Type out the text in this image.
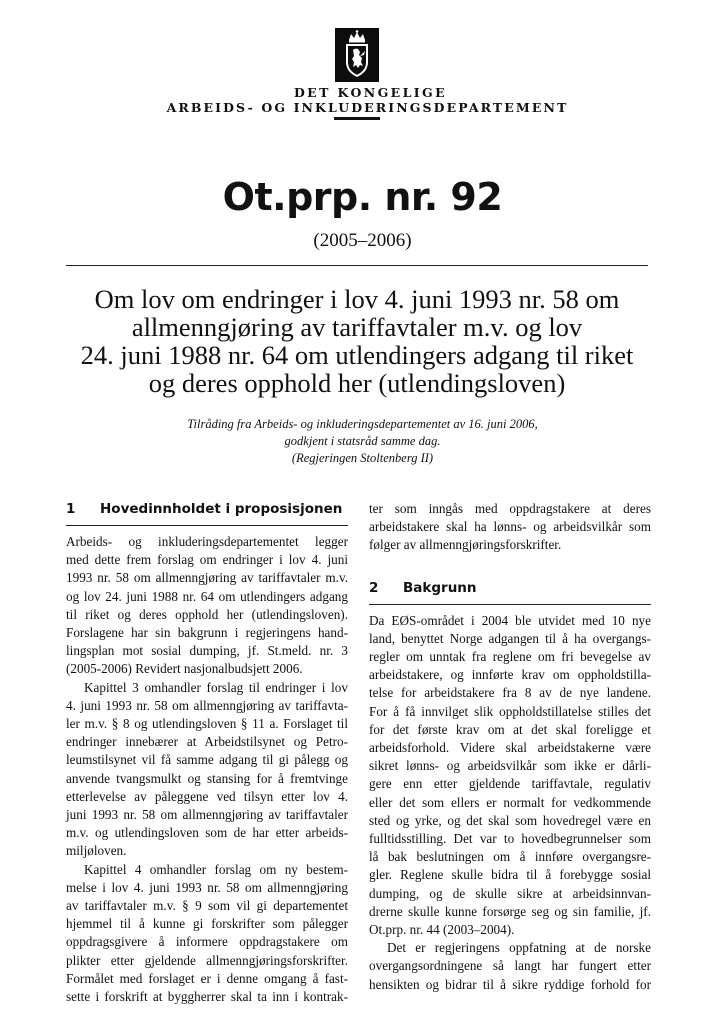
DET KONGELIGE
ARBEIDS- OG INKLUDERINGSDEPARTEMENT
Ot.prp. nr. 92
(2005–2006)
Om lov om endringer i lov 4. juni 1993 nr. 58 om
allmenngjøring av tariffavtaler m.v. og lov
24. juni 1988 nr. 64 om utlendingers adgang til riket
og deres opphold her (utlendingsloven)
Tilråding fra Arbeids- og inkluderingsdepartementet av 16. juni 2006,
godkjent i statsråd samme dag.
(Regjeringen Stoltenberg II)
1 Hovedinnholdet i proposisjonen
Arbeids- og inkluderingsdepartementet legger
med dette frem forslag om endringer i lov 4. juni
1993 nr. 58 om allmenngjøring av tariffavtaler m.v.
og lov 24. juni 1988 nr. 64 om utlendingers adgang
til riket og deres opphold her (utlendingsloven).
Forslagene har sin bakgrunn i regjeringens hand-
lingsplan mot sosial dumping, jf. St.meld. nr. 3
(2005-2006) Revidert nasjonalbudsjett 2006.
Kapittel 3 omhandler forslag til endringer i lov
4. juni 1993 nr. 58 om allmenngjøring av tariffavta-
ler m.v. § 8 og utlendingsloven § 11 a. Forslaget til
endringer innebærer at Arbeidstilsynet og Petro-
leumstilsynet vil få samme adgang til gi pålegg og
anvende tvangsmulkt og stansing for å fremtvinge
etterlevelse av påleggene ved tilsyn etter lov 4.
juni 1993 nr. 58 om allmenngjøring av tariffavtaler
m.v. og utlendingsloven som de har etter arbeids-
miljøloven.
Kapittel 4 omhandler forslag om ny bestem-
melse i lov 4. juni 1993 nr. 58 om allmenngjøring
av tariffavtaler m.v. § 9 som vil gi departementet
hjemmel til å kunne gi forskrifter som pålegger
oppdragsgivere å informere oppdragstakere om
plikter etter gjeldende allmenngjøringsforskrifter.
Formålet med forslaget er i denne omgang å fast-
sette i forskrift at byggherrer skal ta inn i kontrak-
ter som inngås med oppdragstakere at deres
arbeidstakere skal ha lønns- og arbeidsvilkår som
følger av allmenngjøringsforskrifter.
2 Bakgrunn
Da EØS-området i 2004 ble utvidet med 10 nye
land, benyttet Norge adgangen til å ha overgangs-
regler om unntak fra reglene om fri bevegelse av
arbeidstakere, og innførte krav om oppholdstilla-
telse for arbeidstakere fra 8 av de nye landene.
For å få innvilget slik oppholdstillatelse stilles det
for det første krav om at det skal foreligge et
arbeidsforhold. Videre skal arbeidstakerne være
sikret lønns- og arbeidsvilkår som ikke er dårli-
gere enn etter gjeldende tariffavtale, regulativ
eller det som ellers er normalt for vedkommende
sted og yrke, og det skal som hovedregel være en
fulltidsstilling. Det var to hovedbegrunnelser som
lå bak beslutningen om å innføre overgangsre-
gler. Reglene skulle bidra til å forebygge sosial
dumping, og de skulle sikre at arbeidsinnvan-
drerne skulle kunne forsørge seg og sin familie, jf.
Ot.prp. nr. 44 (2003–2004).
Det er regjeringens oppfatning at de norske
overgangsordningene så langt har fungert etter
hensikten og bidrar til å sikre ryddige forhold for
